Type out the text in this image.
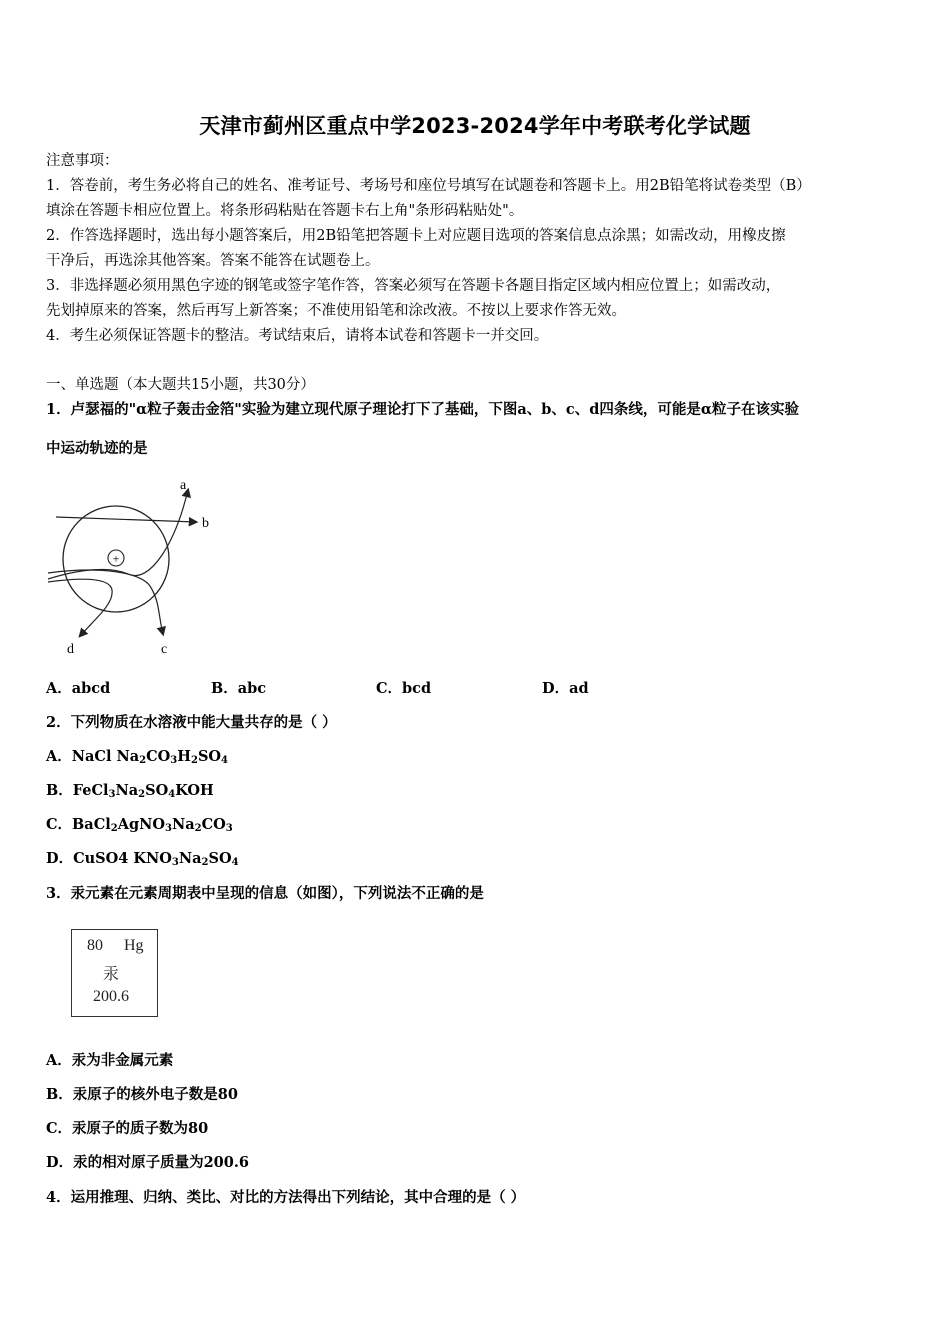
天津市蓟州区重点中学2023-2024学年中考联考化学试题
注意事项：
1．答卷前，考生务必将自己的姓名、准考证号、考场号和座位号填写在试题卷和答题卡上。用2B铅笔将试卷类型（B）
填涂在答题卡相应位置上。将条形码粘贴在答题卡右上角"条形码粘贴处"。
2．作答选择题时，选出每小题答案后，用2B铅笔把答题卡上对应题目选项的答案信息点涂黑；如需改动，用橡皮擦
干净后，再选涂其他答案。答案不能答在试题卷上。
3．非选择题必须用黑色字迹的钢笔或签字笔作答，答案必须写在答题卡各题目指定区域内相应位置上；如需改动，
先划掉原来的答案，然后再写上新答案；不准使用铅笔和涂改液。不按以上要求作答无效。
4．考生必须保证答题卡的整洁。考试结束后，请将本试卷和答题卡一并交回。
一、单选题（本大题共15小题，共30分）
1．卢瑟福的"α粒子轰击金箔"实验为建立现代原子理论打下了基础，下图a、b、c、d四条线，可能是α粒子在该实验
中运动轨迹的是
+
a
b
c
d
A．abcd	B．abc	C．bcd	D．ad
2．下列物质在水溶液中能大量共存的是（ ）
A．NaCl $Na_2CO_3H_2SO_4$
B．$FeCl_3Na_2SO_4KOH$
C．$BaCl_2AgNO_3Na_2CO_3$
D．CuSO4 $KNO_3Na_2SO_4$
3．汞元素在元素周期表中呈现的信息（如图），下列说法不正确的是
80 Hg
汞
200.6
A．汞为非金属元素
B．汞原子的核外电子数是80
C．汞原子的质子数为80
D．汞的相对原子质量为200.6
4．运用推理、归纳、类比、对比的方法得出下列结论，其中合理的是（ ）
